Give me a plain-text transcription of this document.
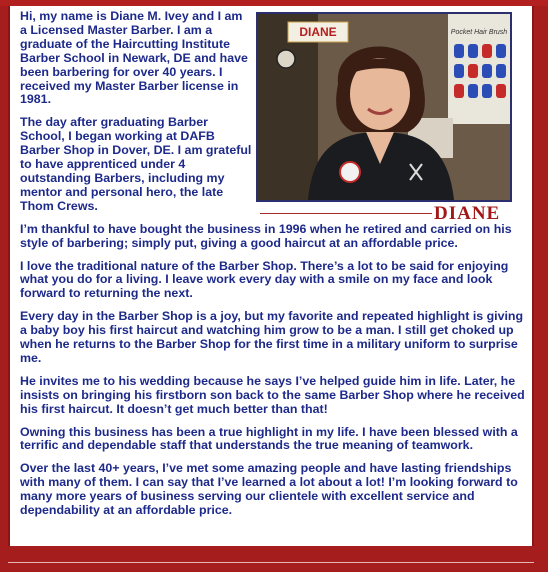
Hi, my name is Diane M. Ivey and I am a Licensed Master Barber. I am a graduate of the Haircutting Institute Barber School in Newark, DE and have been barbering for over 40 years. I received my Master Barber license in 1981.

The day after graduating Barber School, I began working at DAFB Barber Shop in Dover, DE. I am grateful to have apprenticed under 4 outstanding Barbers, including my mentor and personal hero, the late Thom Crews.

I’m thankful to have bought the business in 1996 when he retired and carried on his style of barbering; simply put, giving a good haircut at an affordable price.

I love the traditional nature of the Barber Shop. There’s a lot to be said for enjoying what you do for a living. I leave work every day with a smile on my face and look forward to returning the next.

Every day in the Barber Shop is a joy, but my favorite and repeated highlight is giving a baby boy his first haircut and watching him grow to be a man. I still get choked up when he returns to the Barber Shop for the first time in a military uniform to surprise me.

He invites me to his wedding because he says I’ve helped guide him in life. Later, he insists on bringing his firstborn son back to the same Barber Shop where he received his first haircut. It doesn’t get much better than that!

Owning this business has been a true highlight in my life. I have been blessed with a terrific and dependable staff that understands the true meaning of teamwork.

Over the last 40+ years, I’ve met some amazing people and have lasting friendships with many of them. I can say that I’ve learned a lot about a lot! I’m looking forward to many more years of business serving our clientele with excellent service and dependability at an affordable price.

Pocket Hair Brush
DIANE
DIANE
